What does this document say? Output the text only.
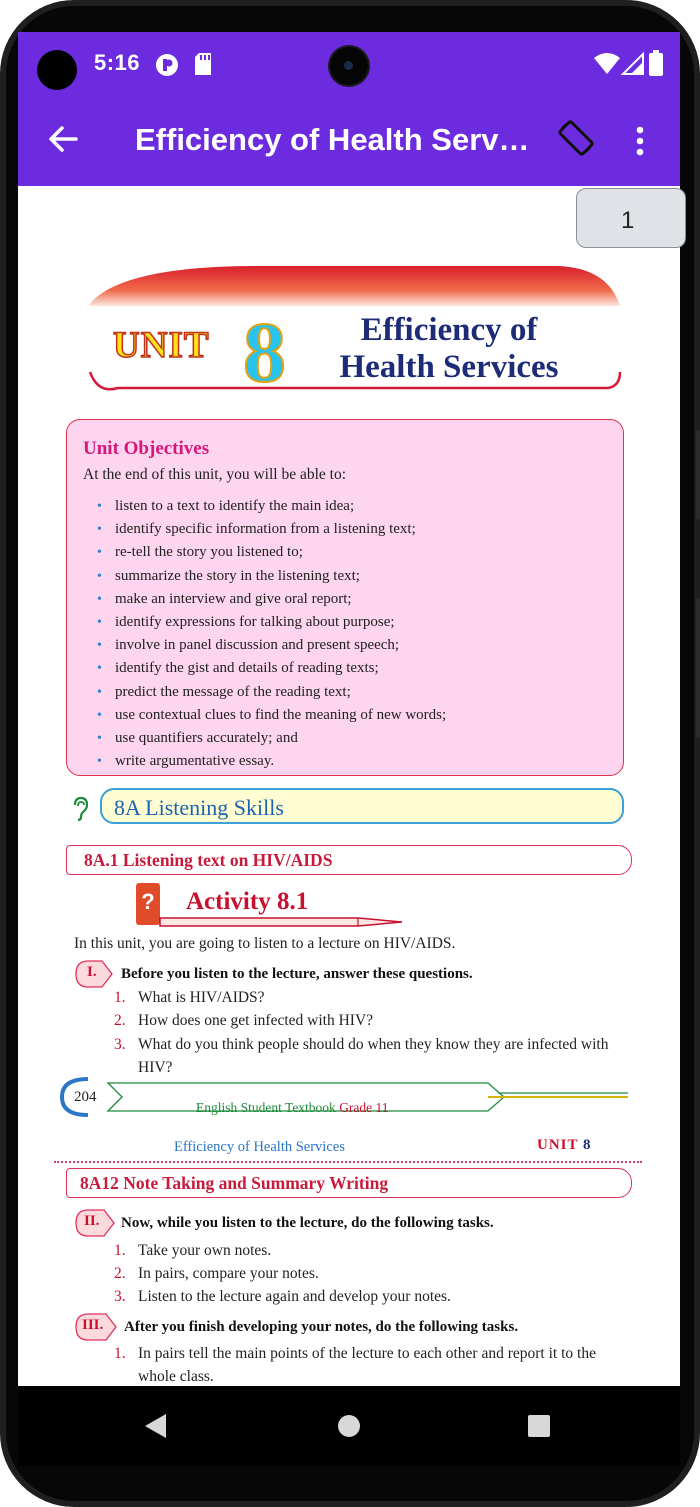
5:16
Efficiency of Health Serv…
1
UNIT 8	Efficiency of
Health Services
Unit Objectives
At the end of this unit, you will be able to:
• listen to a text to identify the main idea;
• identify specific information from a listening text;
• re-tell the story you listened to;
• summarize the story in the listening text;
• make an interview and give oral report;
• identify expressions for talking about purpose;
• involve in panel discussion and present speech;
• identify the gist and details of reading texts;
• predict the message of the reading text;
• use contextual clues to find the meaning of new words;
• use quantifiers accurately; and
• write argumentative essay.
8A Listening Skills
8A.1 Listening text on HIV/AIDS
? Activity 8.1
In this unit, you are going to listen to a lecture on HIV/AIDS.
I.	Before you listen to the lecture, answer these questions.
1. What is HIV/AIDS?
2. How does one get infected with HIV?
3. What do you think people should do when they know they are infected with
HIV?
204
English Student Textbook Grade 11
Efficiency of Health Services	UNIT 8
8A12 Note Taking and Summary Writing
II.	Now, while you listen to the lecture, do the following tasks.
1. Take your own notes.
2. In pairs, compare your notes.
3. Listen to the lecture again and develop your notes.
III.	After you finish developing your notes, do the following tasks.
1. In pairs tell the main points of the lecture to each other and report it to the
whole class.
